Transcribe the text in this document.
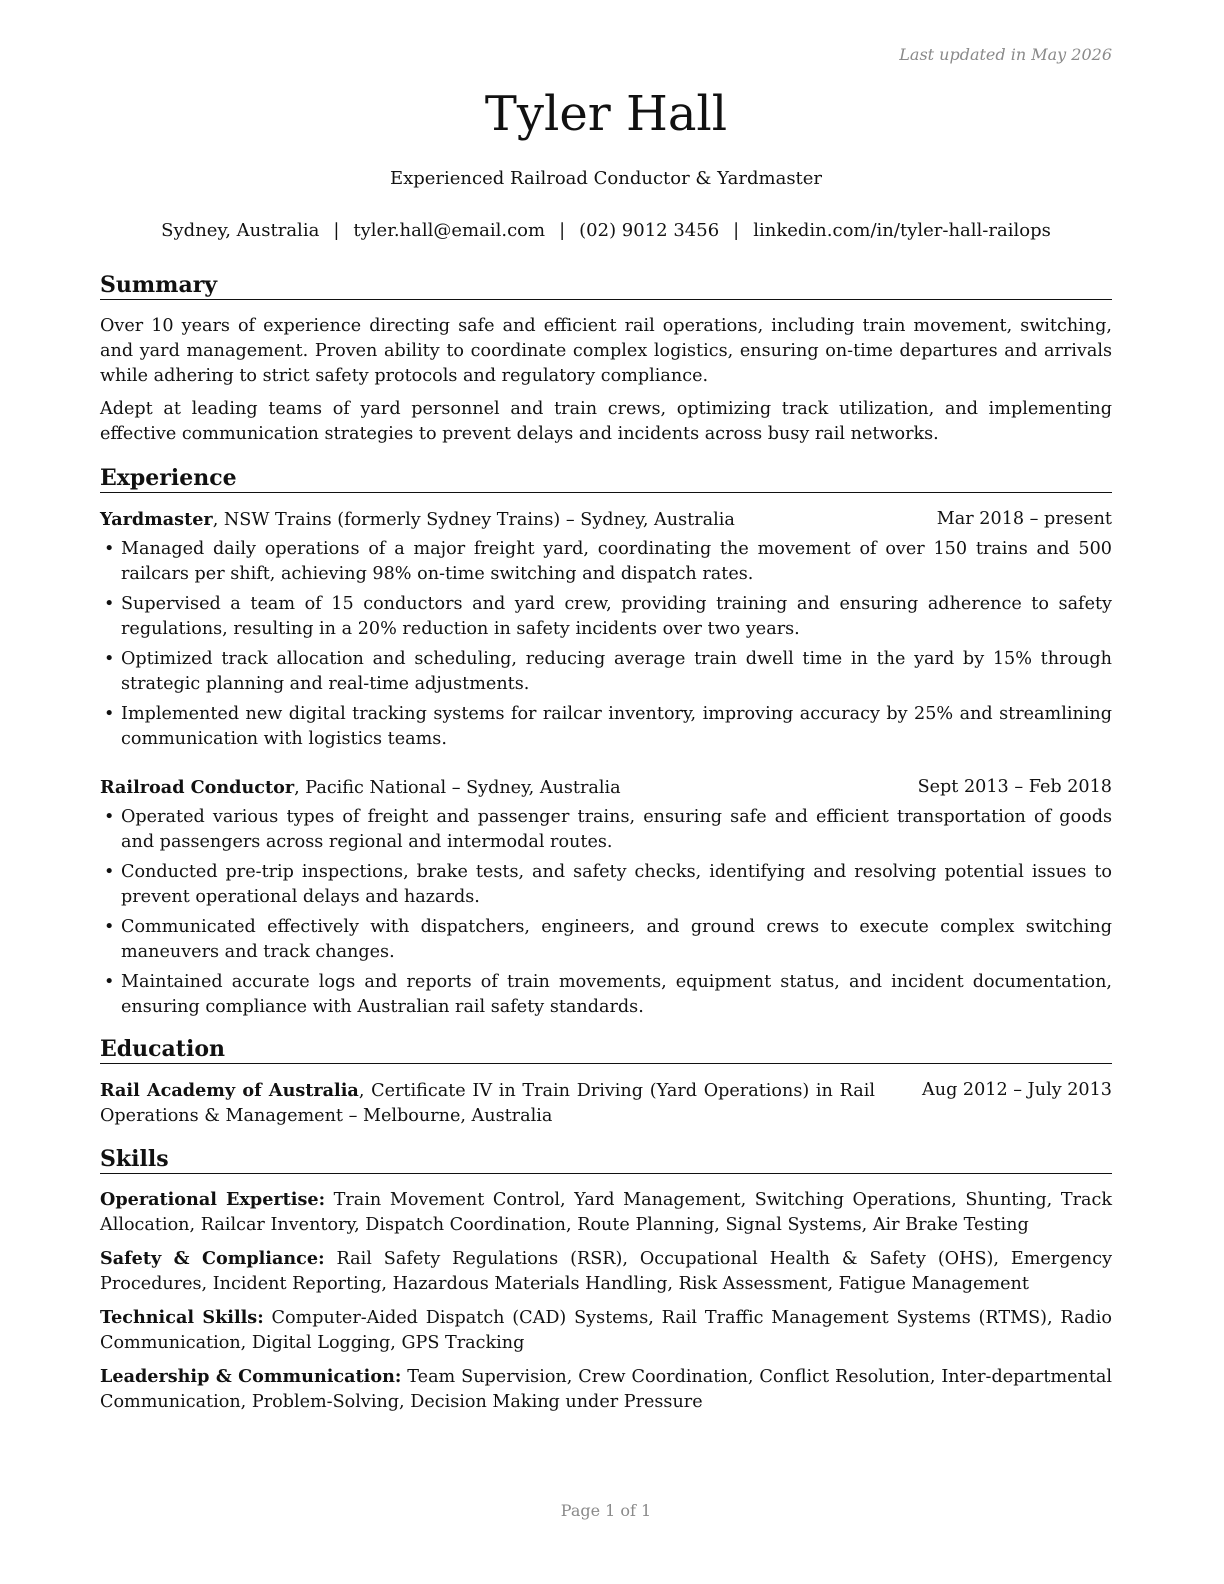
Last updated in May 2026
Tyler Hall
Experienced Railroad Conductor & Yardmaster
Sydney, Australia | tyler.hall@email.com | (02) 9012 3456 | linkedin.com/in/tyler-hall-railops
Summary

Over 10 years of experience directing safe and efficient rail operations, including train movement, switching, and yard management. Proven ability to coordinate complex logistics, ensuring on-time departures and arrivals while adhering to strict safety protocols and regulatory compliance.

Adept at leading teams of yard personnel and train crews, optimizing track utilization, and implementing effective communication strategies to prevent delays and incidents across busy rail networks.

Experience
Yardmaster, NSW Trains (formerly Sydney Trains) – Sydney, Australia	Mar 2018 – present
• Managed daily operations of a major freight yard, coordinating the movement of over 150 trains and 500 railcars per shift, achieving 98% on-time switching and dispatch rates.
• Supervised a team of 15 conductors and yard crew, providing training and ensuring adherence to safety regulations, resulting in a 20% reduction in safety incidents over two years.
• Optimized track allocation and scheduling, reducing average train dwell time in the yard by 15% through strategic planning and real-time adjustments.
• Implemented new digital tracking systems for railcar inventory, improving accuracy by 25% and streamlining communication with logistics teams.
Railroad Conductor, Pacific National – Sydney, Australia	Sept 2013 – Feb 2018
• Operated various types of freight and passenger trains, ensuring safe and efficient transportation of goods and passengers across regional and intermodal routes.
• Conducted pre-trip inspections, brake tests, and safety checks, identifying and resolving potential issues to prevent operational delays and hazards.
• Communicated effectively with dispatchers, engineers, and ground crews to execute complex switching maneuvers and track changes.
• Maintained accurate logs and reports of train movements, equipment status, and incident documentation, ensuring compliance with Australian rail safety standards.
Education
Rail Academy of Australia, Certificate IV in Train Driving (Yard Operations) in Rail Operations & Management – Melbourne, Australia
Aug 2012 – July 2013
Skills

Operational Expertise: Train Movement Control, Yard Management, Switching Operations, Shunting, Track Allocation, Railcar Inventory, Dispatch Coordination, Route Planning, Signal Systems, Air Brake Testing

Safety & Compliance: Rail Safety Regulations (RSR), Occupational Health & Safety (OHS), Emergency Procedures, Incident Reporting, Hazardous Materials Handling, Risk Assessment, Fatigue Management

Technical Skills: Computer-Aided Dispatch (CAD) Systems, Rail Traffic Management Systems (RTMS), Radio Communication, Digital Logging, GPS Tracking

Leadership & Communication: Team Supervision, Crew Coordination, Conflict Resolution, Inter-departmental Communication, Problem-Solving, Decision Making under Pressure

Page 1 of 1
